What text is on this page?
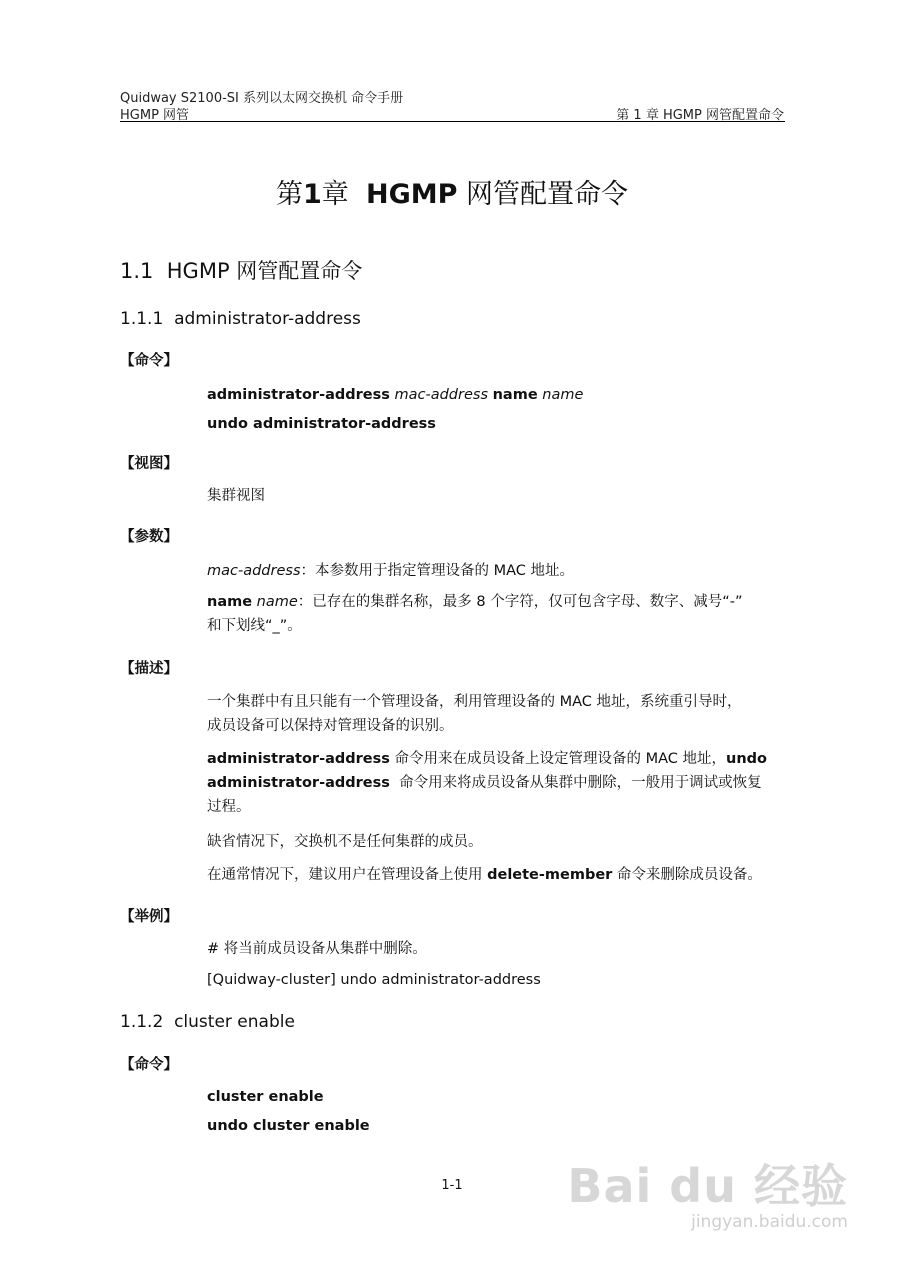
Quidway S2100-SI 系列以太网交换机 命令手册
HGMP 网管	第 1 章 HGMP 网管配置命令
第1章  HGMP 网管配置命令
1.1 HGMP 网管配置命令
1.1.1 administrator-address
【命令】
administrator-address mac-address name name
undo administrator-address
【视图】
集群视图
【参数】
mac-address：本参数用于指定管理设备的 MAC 地址。
name name：已存在的集群名称，最多 8 个字符，仅可包含字母、数字、减号“-”
和下划线“_”。
【描述】
一个集群中有且只能有一个管理设备，利用管理设备的 MAC 地址，系统重引导时，
成员设备可以保持对管理设备的识别。
administrator-address 命令用来在成员设备上设定管理设备的 MAC 地址，undo
administrator-address  命令用来将成员设备从集群中删除，一般用于调试或恢复
过程。
缺省情况下，交换机不是任何集群的成员。
在通常情况下，建议用户在管理设备上使用 delete-member 命令来删除成员设备。
【举例】
# 将当前成员设备从集群中删除。
[Quidway-cluster] undo administrator-address
1.1.2 cluster enable
【命令】
cluster enable
undo cluster enable
1-1	Bai du 经验
jingyan.baidu.com
